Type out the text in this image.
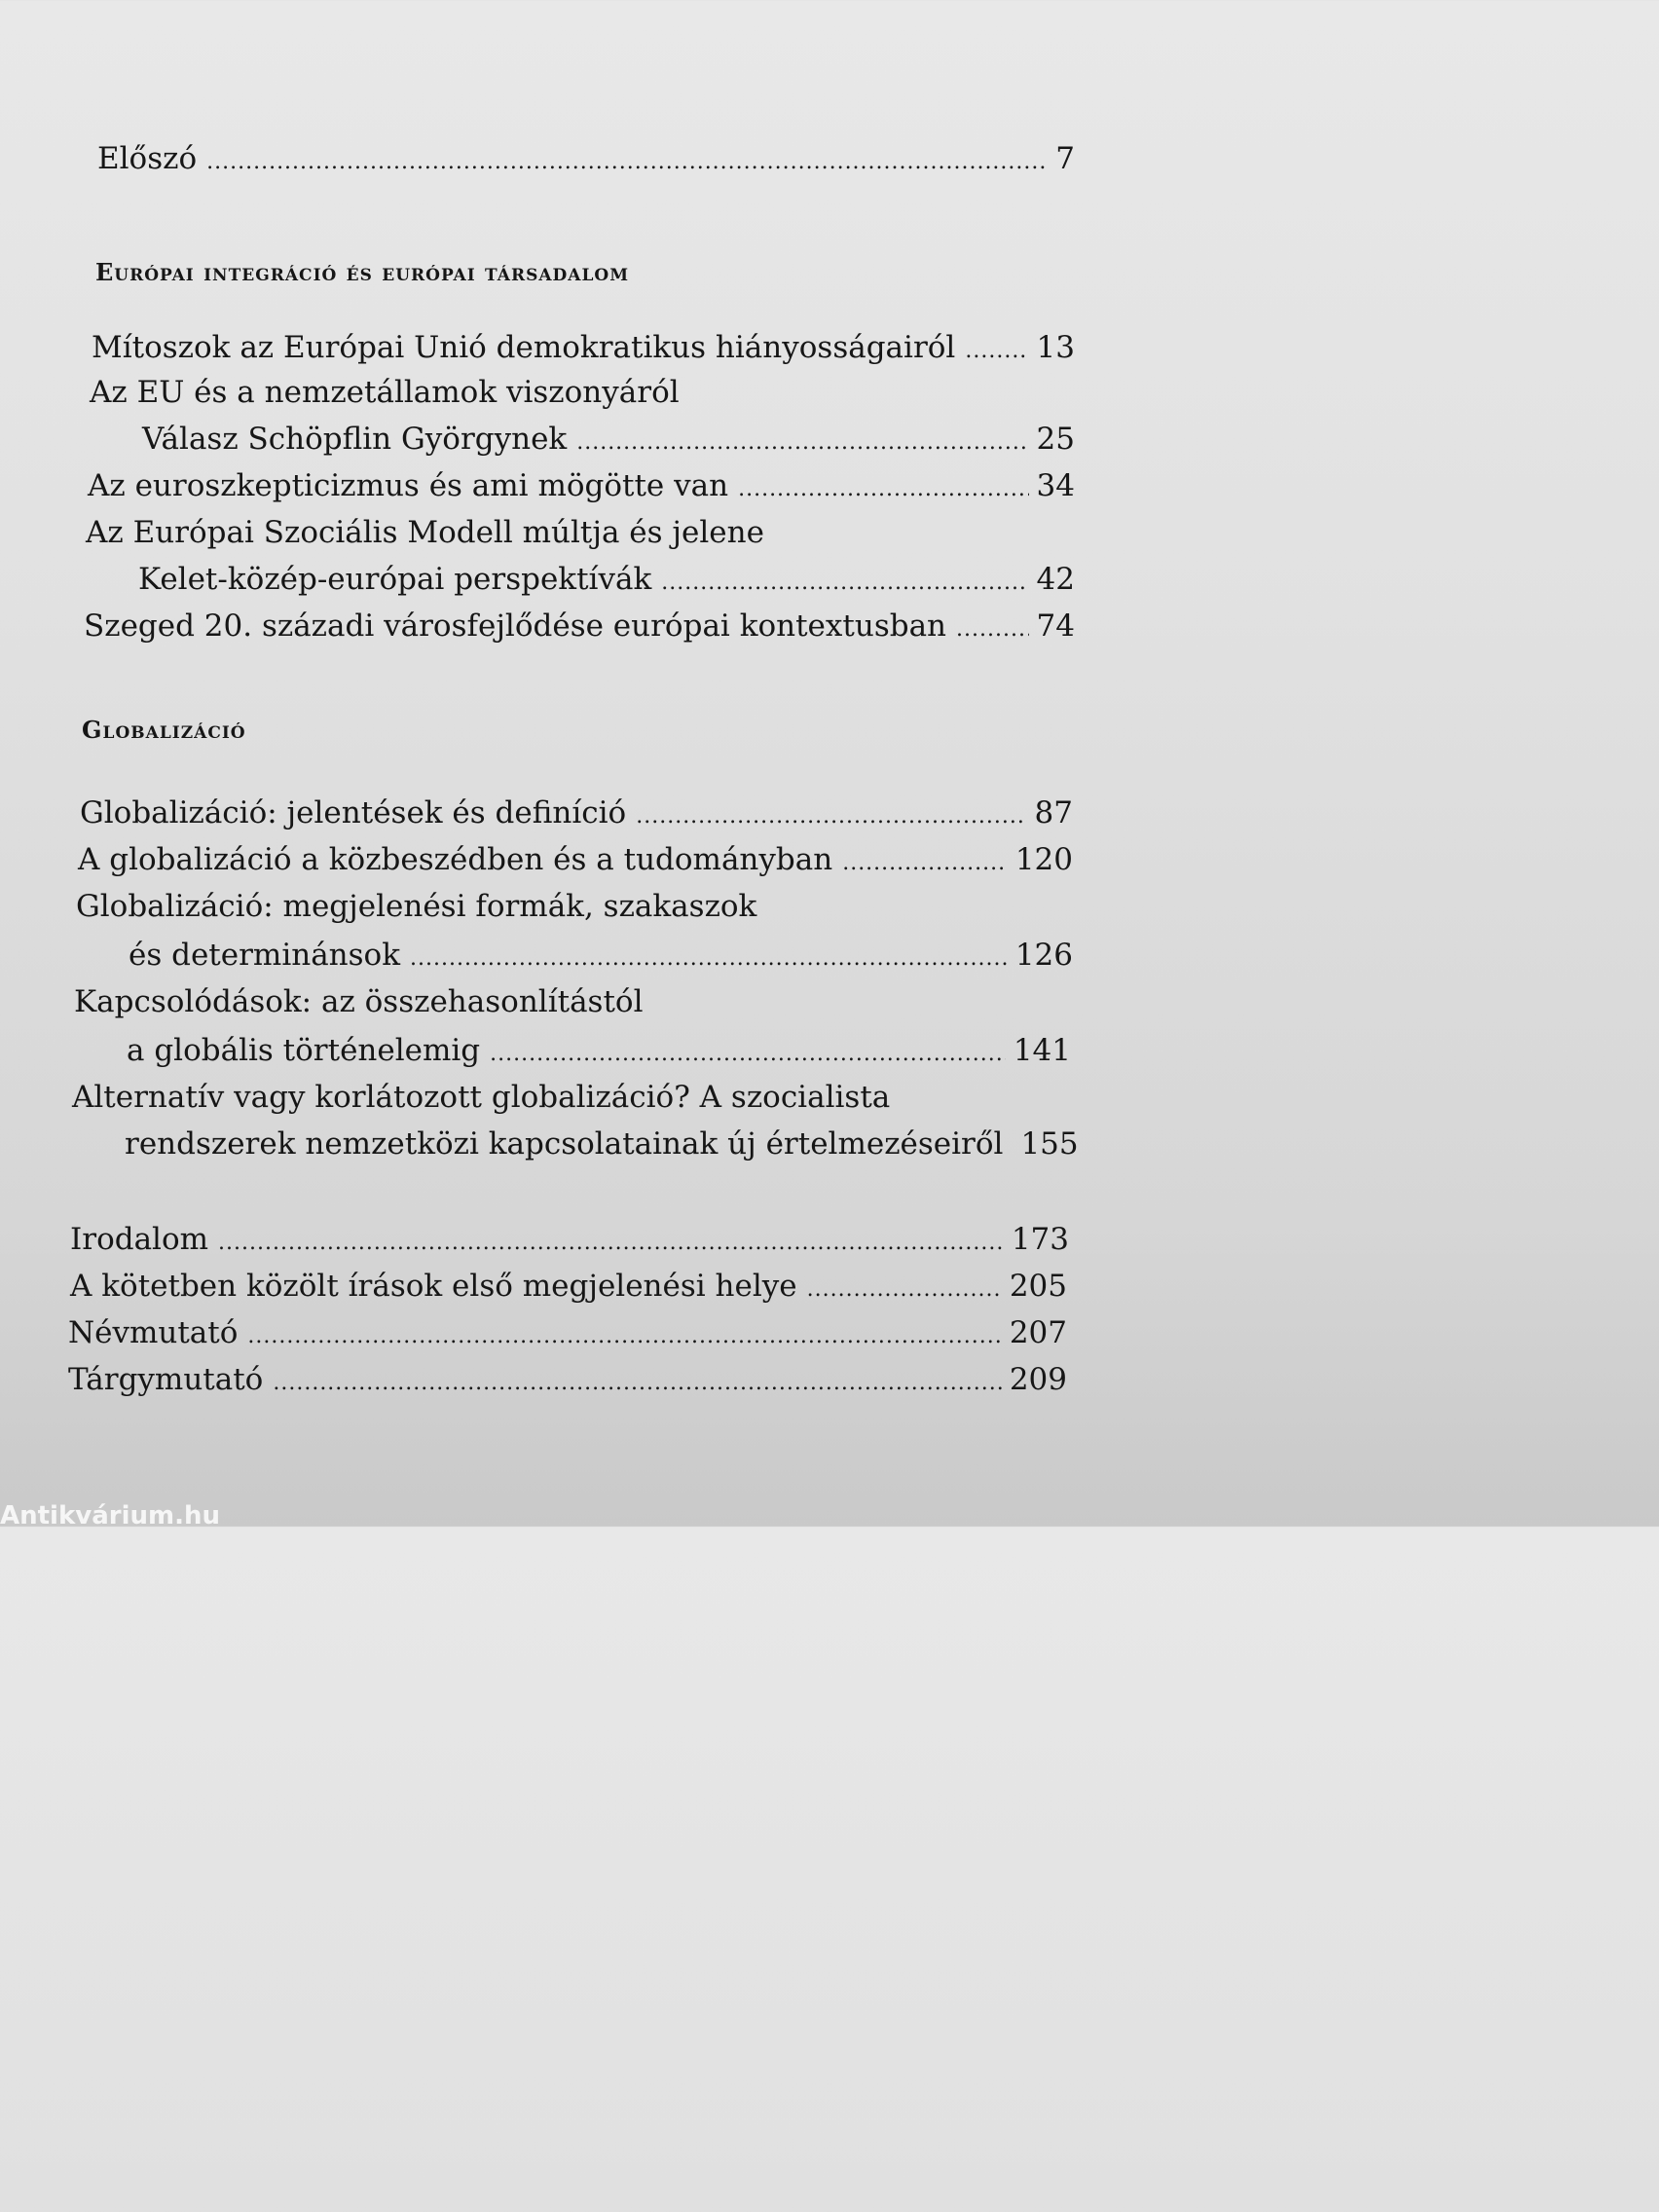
Előszó .....	7
Európai integráció és európai társadalom
Mítoszok az Európai Unió demokratikus hiányosságairól .....	13
Az EU és a nemzetállamok viszonyáról
Válasz Schöpflin Györgynek .....	25
Az euroszkepticizmus és ami mögötte van .....	34
Az Európai Szociális Modell múltja és jelene
Kelet-közép-európai perspektívák .....	42
Szeged 20. századi városfejlődése európai kontextusban .....	74
Globalizáció
Globalizáció: jelentések és definíció .....	87
A globalizáció a közbeszédben és a tudományban .....	120
Globalizáció: megjelenési formák, szakaszok
és determinánsok .....	126
Kapcsolódások: az összehasonlítástól
a globális történelemig .....	141
Alternatív vagy korlátozott globalizáció? A szocialista
rendszerek nemzetközi kapcsolatainak új értelmezéseiről 155
Irodalom .....	173
A kötetben közölt írások első megjelenési helye .....	205
Névmutató .....	207
Tárgymutató .....	209
Antikvárium.hu
